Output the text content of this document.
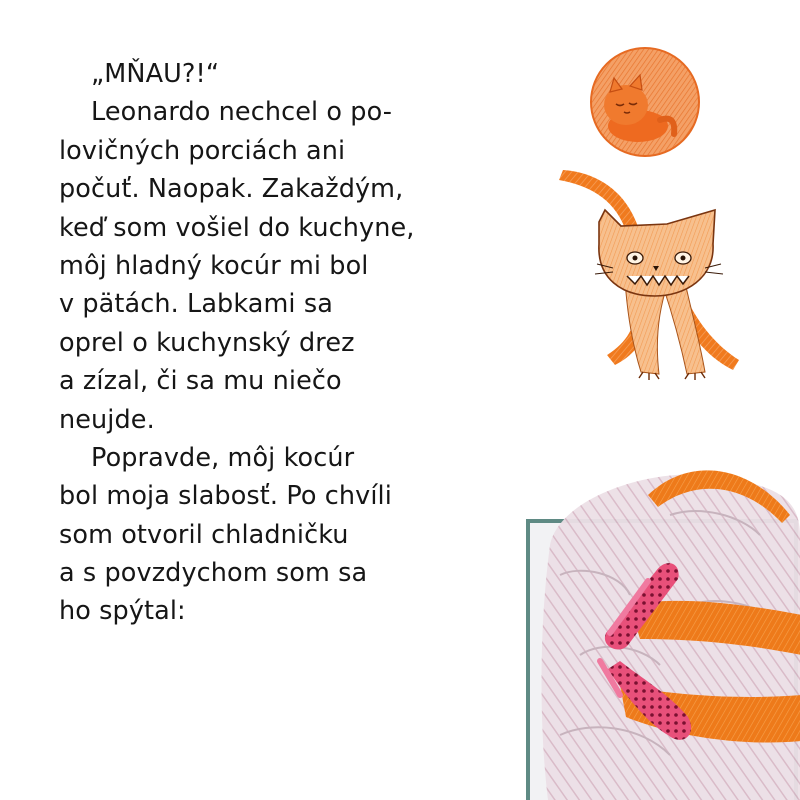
„MŇAU?!“
Leonardo nechcel o po-
lovičných porciách ani
počuť. Naopak. Zakaždým,
keď som vošiel do kuchyne,
môj hladný kocúr mi bol
v pätách. Labkami sa
oprel o kuchynský drez
a zízal, či sa mu niečo
neujde.
Popravde, môj kocúr
bol moja slabosť. Po chvíli
som otvoril chladničku
a s povzdychom som sa
ho spýtal:
